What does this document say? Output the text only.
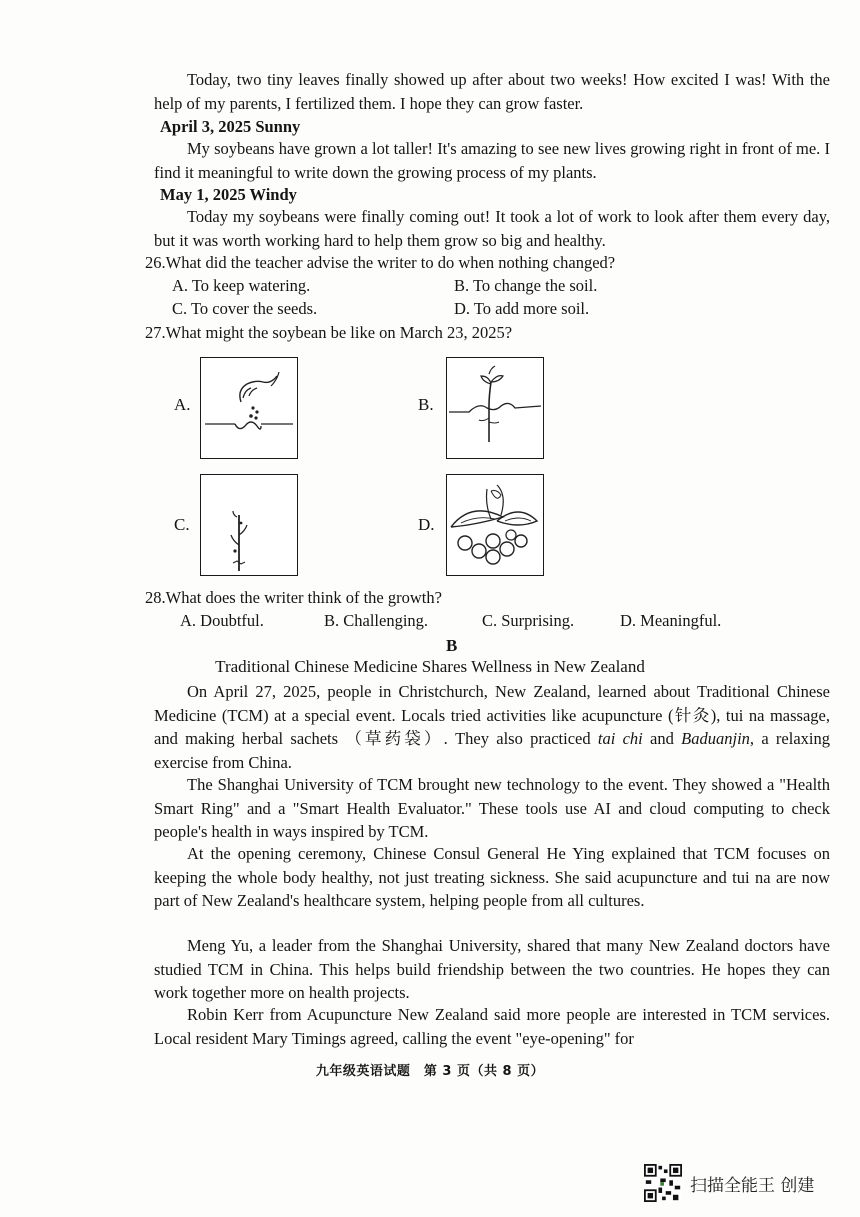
Today, two tiny leaves finally showed up after about two weeks! How excited I was! With the help of my parents, I fertilized them. I hope they can grow faster.

April 3, 2025 Sunny

My soybeans have grown a lot taller! It's amazing to see new lives growing right in front of me. I find it meaningful to write down the growing process of my plants.

May 1, 2025 Windy

Today my soybeans were finally coming out! It took a lot of work to look after them every day, but it was worth working hard to help them grow so big and healthy.

26.What did the teacher advise the writer to do when nothing changed?

A. To keep watering.	B. To change the soil.

C. To cover the seeds.	D. To add more soil.

27.What might the soybean be like on March 23, 2025?

A.	B.
C.	D.

28.What does the writer think of the growth?

A. Doubtful.	B. Challenging.	C. Surprising.	D. Meaningful.

B
Traditional Chinese Medicine Shares Wellness in New Zealand

On April 27, 2025, people in Christchurch, New Zealand, learned about Traditional Chinese Medicine (TCM) at a special event. Locals tried activities like acupuncture (针灸), tui na massage, and making herbal sachets （草药袋）. They also practiced tai chi and Baduanjin, a relaxing exercise from China.

The Shanghai University of TCM brought new technology to the event. They showed a "Health Smart Ring" and a "Smart Health Evaluator." These tools use AI and cloud computing to check people's health in ways inspired by TCM.

At the opening ceremony, Chinese Consul General He Ying explained that TCM focuses on keeping the whole body healthy, not just treating sickness. She said acupuncture and tui na are now part of New Zealand's healthcare system, helping people from all cultures.

Meng Yu, a leader from the Shanghai University, shared that many New Zealand doctors have studied TCM in China. This helps build friendship between the two countries. He hopes they can work together more on health projects.

Robin Kerr from Acupuncture New Zealand said more people are interested in TCM services. Local resident Mary Timings agreed, calling the event "eye-opening" for

九年级英语试题　第 3 页（共 8 页）
扫描全能王 创建
